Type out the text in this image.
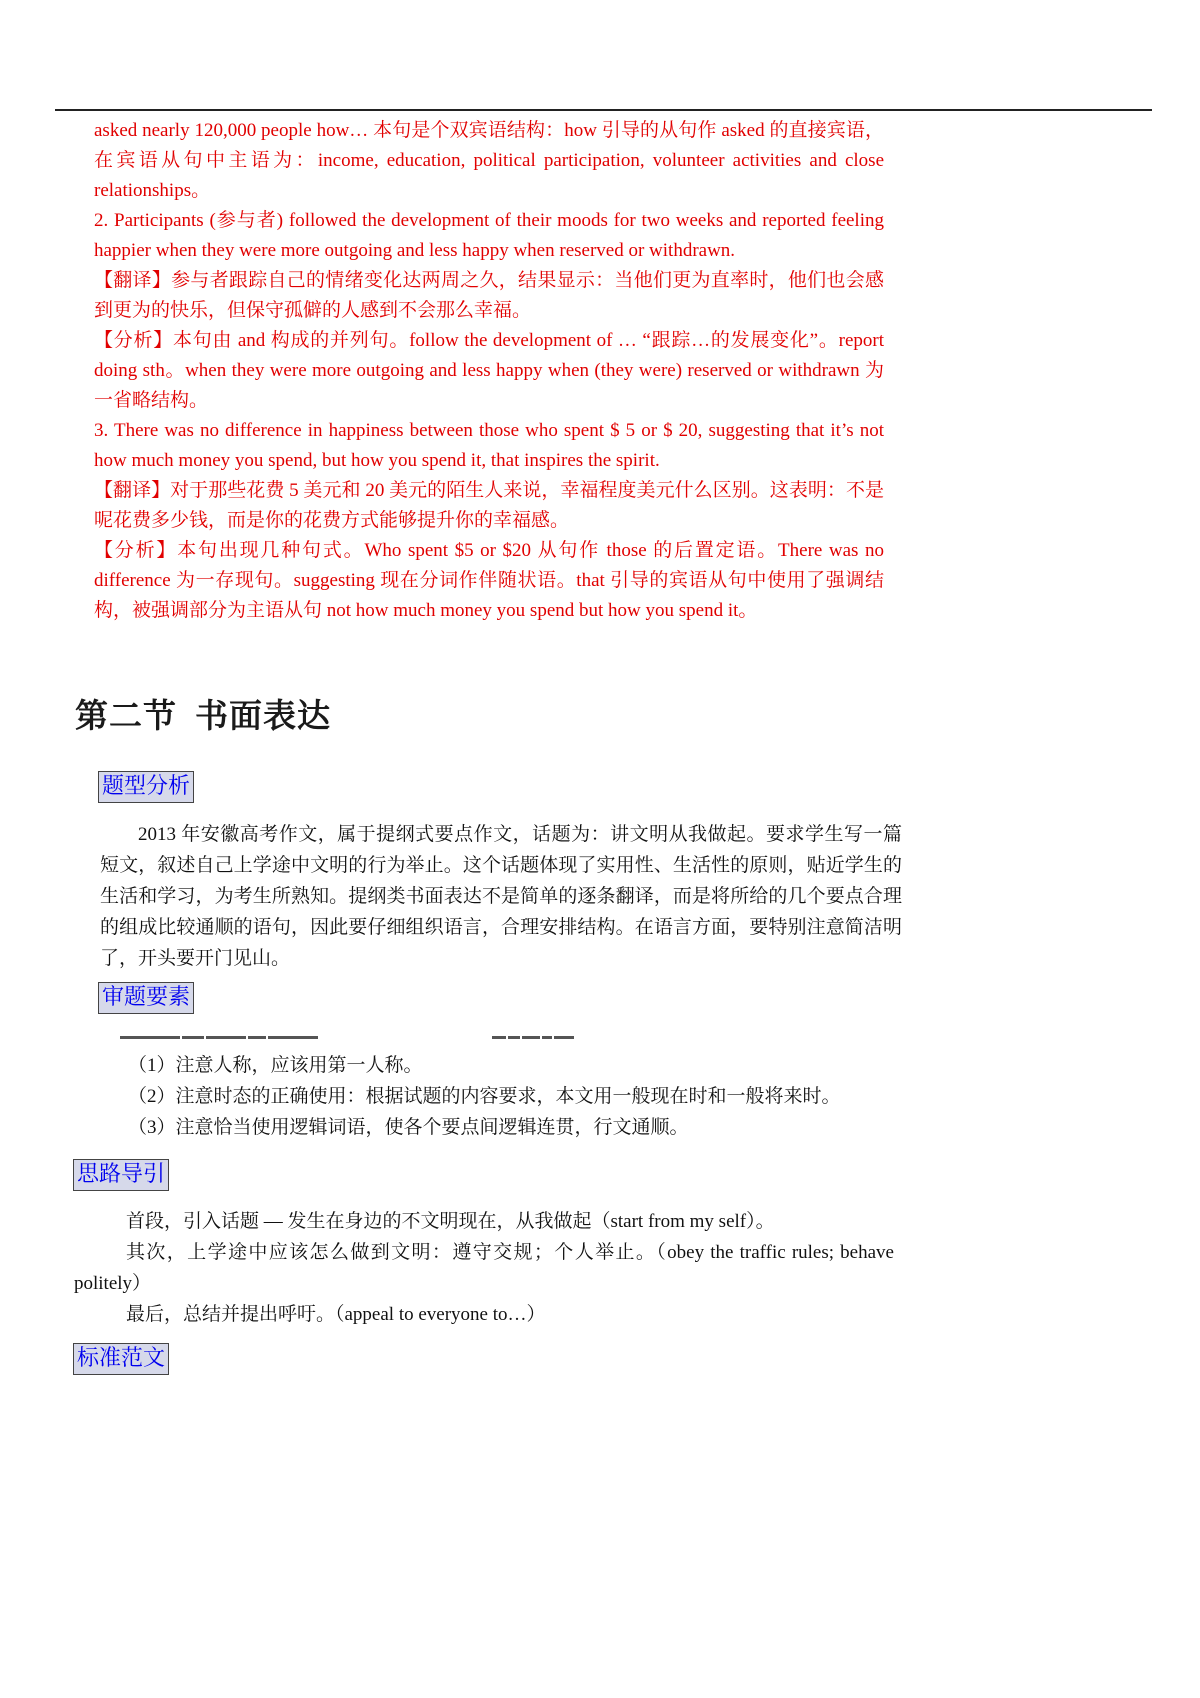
asked nearly 120,000 people how… 本句是个双宾语结构：how 引导的从句作 asked 的直接宾语，在宾语从句中主语为：income, education, political participation, volunteer activities and close relationships。

2. Participants (参与者) followed the development of their moods for two weeks and reported feeling happier when they were more outgoing and less happy when reserved or withdrawn.

【翻译】参与者跟踪自己的情绪变化达两周之久，结果显示：当他们更为直率时，他们也会感到更为的快乐，但保守孤僻的人感到不会那么幸福。

【分析】本句由 and 构成的并列句。follow the development of … “跟踪…的发展变化”。report doing sth。when they were more outgoing and less happy when (they were) reserved or withdrawn 为一省略结构。

3. There was no difference in happiness between those who spent $ 5 or $ 20, suggesting that it’s not how much money you spend, but how you spend it, that inspires the spirit.

【翻译】对于那些花费 5 美元和 20 美元的陌生人来说，幸福程度美元什么区别。这表明：不是呢花费多少钱，而是你的花费方式能够提升你的幸福感。

【分析】本句出现几种句式。Who spent $5 or $20 从句作 those 的后置定语。There was no difference 为一存现句。suggesting 现在分词作伴随状语。that 引导的宾语从句中使用了强调结构，被强调部分为主语从句 not how much money you spend but how you spend it。

第二节 书面表达
题型分析

2013 年安徽高考作文，属于提纲式要点作文，话题为：讲文明从我做起。要求学生写一篇短文，叙述自己上学途中文明的行为举止。这个话题体现了实用性、生活性的原则，贴近学生的生活和学习，为考生所熟知。提纲类书面表达不是简单的逐条翻译，而是将所给的几个要点合理的组成比较通顺的语句，因此要仔细组织语言，合理安排结构。在语言方面，要特别注意简洁明了，开头要开门见山。

审题要素

（1）注意人称，应该用第一人称。

（2）注意时态的正确使用：根据试题的内容要求，本文用一般现在时和一般将来时。

（3）注意恰当使用逻辑词语，使各个要点间逻辑连贯，行文通顺。

思路导引

首段，引入话题 — 发生在身边的不文明现在，从我做起（start from my self）。

其次，上学途中应该怎么做到文明：遵守交规；个人举止。（obey the traffic rules; behave politely）

最后，总结并提出呼吁。（appeal to everyone to…）

标准范文
